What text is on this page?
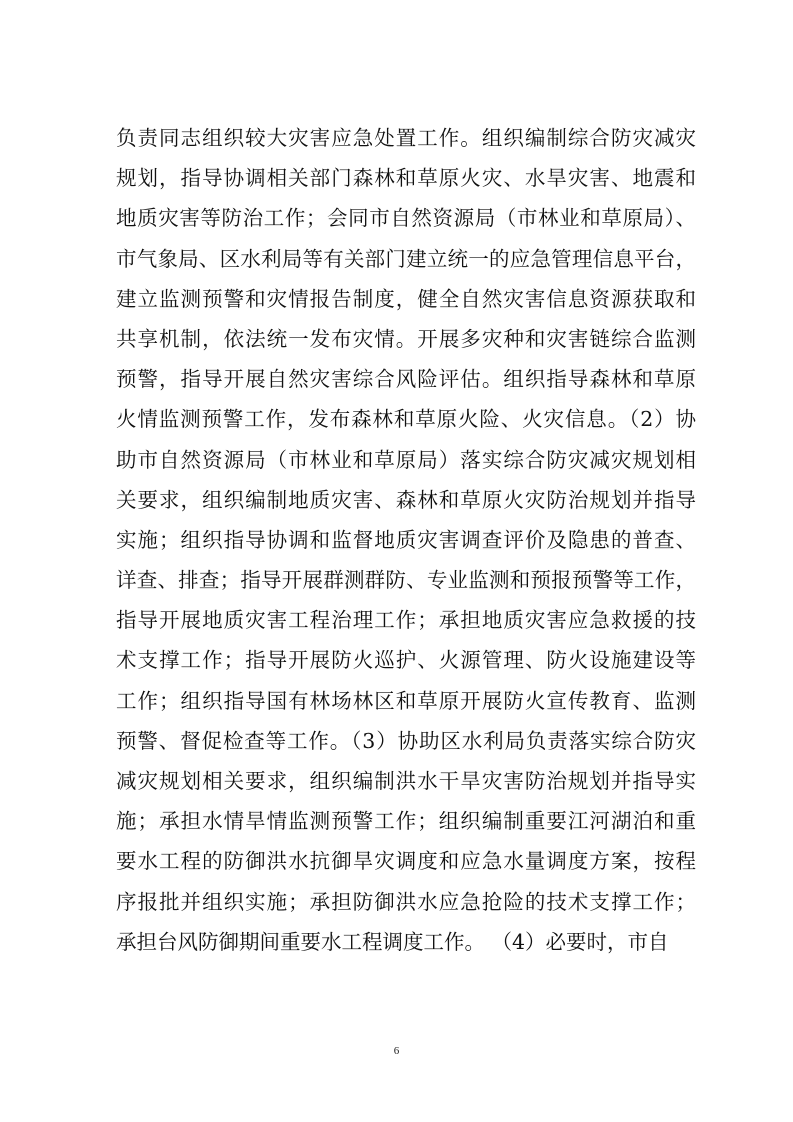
负责同志组织较大灾害应急处置工作。组织编制综合防灾减灾
规划，指导协调相关部门森林和草原火灾、水旱灾害、地震和
地质灾害等防治工作；会同市自然资源局（市林业和草原局）、
市气象局、区水利局等有关部门建立统一的应急管理信息平台，
建立监测预警和灾情报告制度，健全自然灾害信息资源获取和
共享机制，依法统一发布灾情。开展多灾种和灾害链综合监测
预警，指导开展自然灾害综合风险评估。组织指导森林和草原
火情监测预警工作，发布森林和草原火险、火灾信息。（2）协
助市自然资源局（市林业和草原局）落实综合防灾减灾规划相
关要求，组织编制地质灾害、森林和草原火灾防治规划并指导
实施；组织指导协调和监督地质灾害调查评价及隐患的普查、
详查、排查；指导开展群测群防、专业监测和预报预警等工作，
指导开展地质灾害工程治理工作；承担地质灾害应急救援的技
术支撑工作；指导开展防火巡护、火源管理、防火设施建设等
工作；组织指导国有林场林区和草原开展防火宣传教育、监测
预警、督促检查等工作。（3）协助区水利局负责落实综合防灾
减灾规划相关要求，组织编制洪水干旱灾害防治规划并指导实
施；承担水情旱情监测预警工作；组织编制重要江河湖泊和重
要水工程的防御洪水抗御旱灾调度和应急水量调度方案，按程
序报批并组织实施；承担防御洪水应急抢险的技术支撑工作；
承担台风防御期间重要水工程调度工作。 （4）必要时，市自
6
